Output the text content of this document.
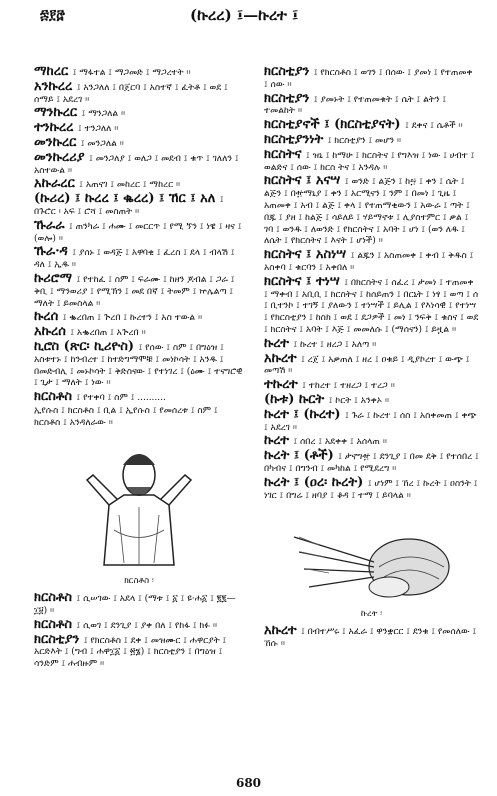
፷፻፸	(ኩረረ) ፤—ኩረተ ፤
ማከረር ፤ ማፋተል ፤ ማጋመድ ፤ ማጋረተት ፡፡
አንኩረረ ፤ አንጋለለ ፤ በጀርባ ፤ አስተኛ ፤ ፈትቶ ፤ ወደ ፤ ሰማይ ፤ አደረገ ፡፡
ማንኩረር ፤ ማንጋለል ፡፡
ተንኩረረ ፤ ተንጋለለ ፡፡
መንኩረር ፤ መንጋለል ፡፡
መንኩረሪያ ፤ መንጋለያ ፤ ወለጋ ፤ መደብ ፤ ቁጥ ፤ ገለለን ፤ አስተውል ፡፡
አኩራረር ፤ አጠናገ ፤ መከረር ፤ ማከረር ፡፡
(ኩሪረ) ፤ ኩረረ ፤ ቈረረ) ፤ ኸር ፤ አለ ፤ በጉሮር ፡ አፍ ፤ ሮሻ ፤ መስጠት ፡፡
ኹራራ ፤ ጠንካራ ፤ ሐሙ ፤ መርርጥ ፤ የሚ ኘን ፤ ነዌ ፤ ዛና ፤ (ወሎ) ፡፡
ኹራ·ዳ ፤ ያሰኑ ፤ ወዳጅ ፤ አዋባቂ ፤ ፈረስ ፤ ደላ ፤ ብላሽ ፤ ዳለ ፤ ኢዱ ፡፡
ኩሪሮማ ፤ የተከፈ ፤ ስም ፤ ፍራሙ ፤ ከዘን ጆብል ፤ ጋራ ፤ ቅቢ ፤ ማንወሪያ ፤ የሚኽን ፤ መደ በኛ ፤ ትመም ፤ ኵሌልጣ ፤ ማለት ፤ ይመስላል ፡፡
ኩረሰ ፤ ቈረበጠ ፤ ጕረበ ፤ ኩረተን ፤ አስ ተውል ፡፡
አኩረሰ ፤ አቈረበጠ ፤ አጕረበ ፡፡
ኪሮስ (ጽር፡ ኪሪዮስ) ፤ የሰው ፤ ስም ፤ በግዕዝ ፤ አስቱተኑ ፤ ከንብረተ ፤ ከተድግማሞቹ ፤ መነኮሳት ፤ አንዱ ፤ በመድብሊ ፤ መኑኮሳት ፤ ቅድስናው ፤ የተነገረ ፤ (ዕሙ ፤ ተናግሮዊ ፤ ጊታ ፤ ማለት ፤ ነው ፡፡
ክርስቶስ ፤ የተቀባ ፤ ስም ፤ ..........
ኢየሱስ ፤ ክርስቶስ ፤ ቢል ፤ ኢየሱስ ፤ የመሰረቱ ፤ ስም ፤ ክርስቶስ ፤ አንዳለራው ፡፡
ክርስቶስ ፡
ክርስቶስ ፤ ሲሠገው ፤ አደላ ፤ (ማቱ ፤ ፩ ፤ ዩ·ሐ፩ ፤ ፪፪—፲፱) ፡፡
ክርስቶስ ፤ ሲወገ ፤ ደንጊያ ፤ ያቀ በለ ፤ የከፋ ፤ ክፉ ፡፡
ክርስቲያን ፤ የክርስቶስ ፤ ደቀ ፤ መዝሙር ፤ ሐዋርያት ፤ አርድእት ፤ (ግብ ፤ ሐዋ፲፩ ፤ ፳፮) ፤ ክርስቲያን ፤ በግዕዝ ፤ ሳንድም ፤ ሐብዙም ፡፡
ክርስቲያን ፤ የክርስቶስ ፤ ወገን ፤ በሰው ፤ ያመነ ፤ የተጠመቀ ፤ ሰው ፡፡
ክርስቲያን ፤ ያመኑት ፤ የተጠመቁት ፤ ሴት ፤ ልትን ፤ ተመልከት ፡፡
ክርስቲያኖች ፤ (ክርስቲያናት) ፤ ደቀና ፤ ሴቶች ፡፡
ክርስቲያንነት ፤ ክርስቲያን ፤ መሆን ፡፡
ክርስትና ፤ ዝኒ ፤ ከማሁ ፤ ክርስትና ፤ የግእዝ ፤ ነው ፤ ሀብተ ፤ ወልድና ፤ ሰው ፤ ክርስ ትና ፤ አንዳሉ ፡፡
ክርስትና ፤ አናሣ ፤ ወንድ ፤ ልጅን ፤ ከ፵ ፤ ቀን ፤ ሴት ፤ ልጅን ፤ በ፹ማኒያ ፤ ቀን ፤ አርሚናን ፤ ንም ፤ በመነ ፤ ጊዜ ፤ አጠመቀ ፤ አብ ፤ ልጅ ፤ ቀላ ፤ የተጠማቂውን ፤ አውራ ፤ ጣት ፤ በጁ ፤ ያዘ ፤ ከልጅ ፤ ሳይለይ ፤ ሃይማኖቱ ፤ ሊያስተምር ፤ ቃል ፤ ገባ ፤ ወንዱ ፤ ለወንድ ፤ የክርስትና ፤ አባት ፤ ሆነ ፤ (ወን ለዱ ፤ ለሴት ፤ የክርስትና ፤ እናት ፤ ሆነች) ፡፡
ክርስትና ፤ አስነሣ ፤ ልጁን ፤ አስጠመቀ ፤ ቀብ ፤ ቅዱስ ፤ አስቀባ ፤ ቁርባን ፤ አቀበለ ፡፡
ክርስትና ፤ ተነሣ ፤ በክርስትና ፤ ሰፈረ ፤ ታመነ ፤ ተጠመቀ ፤ ማቀብ ፤ አቢቢ ፤ ክርስትና ፤ ከሰይጠን ፤ በርኒት ፤ ነፃ ፤ ወጣ ፤ ሰ ፤ ቢተንኮ ፤ ተገኝ ፤ ያለውን ፤ ተነሣች ፤ ይሊል ፤ የእነሳዊ ፤ የተነሣ ፤ የክርስቲያን ፤ ከስክ ፤ ወደ ፤ ደጋዎች ፤ መነ ፤ ንፍቅ ፤ ቁስና ፤ ወደ ፤ ክርስትና ፤ አባት ፤ እጅ ፤ መመለሱ ፤ (ማሰናን) ፤ ይዟል ፡፡
ኩረተ ፤ ኩረተ ፤ ዘረጋ ፤ አለጣ ፡፡
አኩረተ ፤ ረጀ ፤ አቃጠለ ፤ ዘረ ፤ ዐቁይ ፤ ዲያኮረተ ፤ ውጭ ፤ መጣሽ ፡፡
ተኩረተ ፤ ተከረተ ፤ ተዘረጋ ፤ ተረጋ ፡፡
(ኩቱ) ኩርት ፤ ኮርት ፤ አንቀኦ ፡፡
ኩረተ ፤ (ኩረተ) ፤ ጉራ ፤ ኩረተ ፤ ሰስ ፤ አስቀመጠ ፤ ቀጭ ፤ አደረገ ፡፡
ኩረተ ፤ ሰበረ ፤ አደቀቀ ፤ አሰላጠ ፡፡
ኩረት ፤ (ቶች) ፤ ታኖግ፹ ፤ ደንጊያ ፤ በመ ደቅ ፤ የተሰበረ ፤ በካብና ፤ በግንብ ፤ መካከል ፤ የሚደረግ ፡፡
ኩረት ፤ (ዐረ፡ ኩረት) ፤ ሆነም ፤ ኸረ ፤ ኩረት ፤ ዐስንት ፤ ነገር ፤ በግሬ ፤ ዘባያ ፤ ቆዳ ፤ ተማ ፤ ይባላል ፡፡
ኩረት ፡
አኩረተ ፤ በብተሥሩ ፤ አፈራ ፤ ዋንቋርር ፤ ደንቁ ፤ የመሰለው ፤ ኸሱ ፡፡
680
